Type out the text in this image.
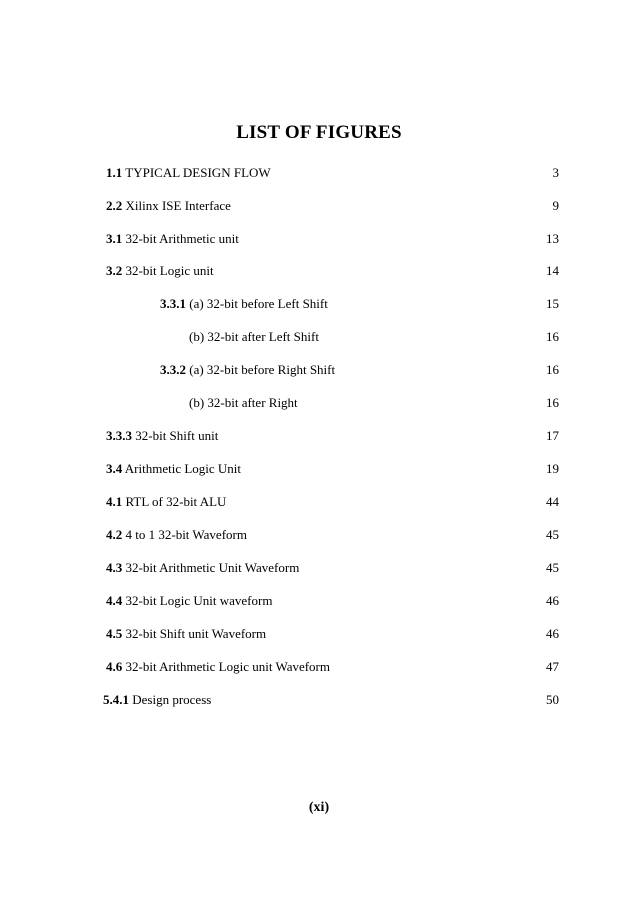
LIST OF FIGURES
1.1 TYPICAL DESIGN FLOW	3
2.2 Xilinx ISE Interface	9
3.1 32-bit Arithmetic unit	13
3.2 32-bit Logic unit	14
3.3.1 (a) 32-bit before Left Shift	15
(b) 32-bit after Left Shift	16
3.3.2 (a) 32-bit before Right Shift	16
(b) 32-bit after Right	16
3.3.3 32-bit Shift unit	17
3.4 Arithmetic Logic Unit	19
4.1 RTL of 32-bit ALU	44
4.2 4 to 1 32-bit Waveform	45
4.3 32-bit Arithmetic Unit Waveform	45
4.4 32-bit Logic Unit waveform	46
4.5 32-bit Shift unit Waveform	46
4.6 32-bit Arithmetic Logic unit Waveform	47
5.4.1 Design process	50
(xi)
